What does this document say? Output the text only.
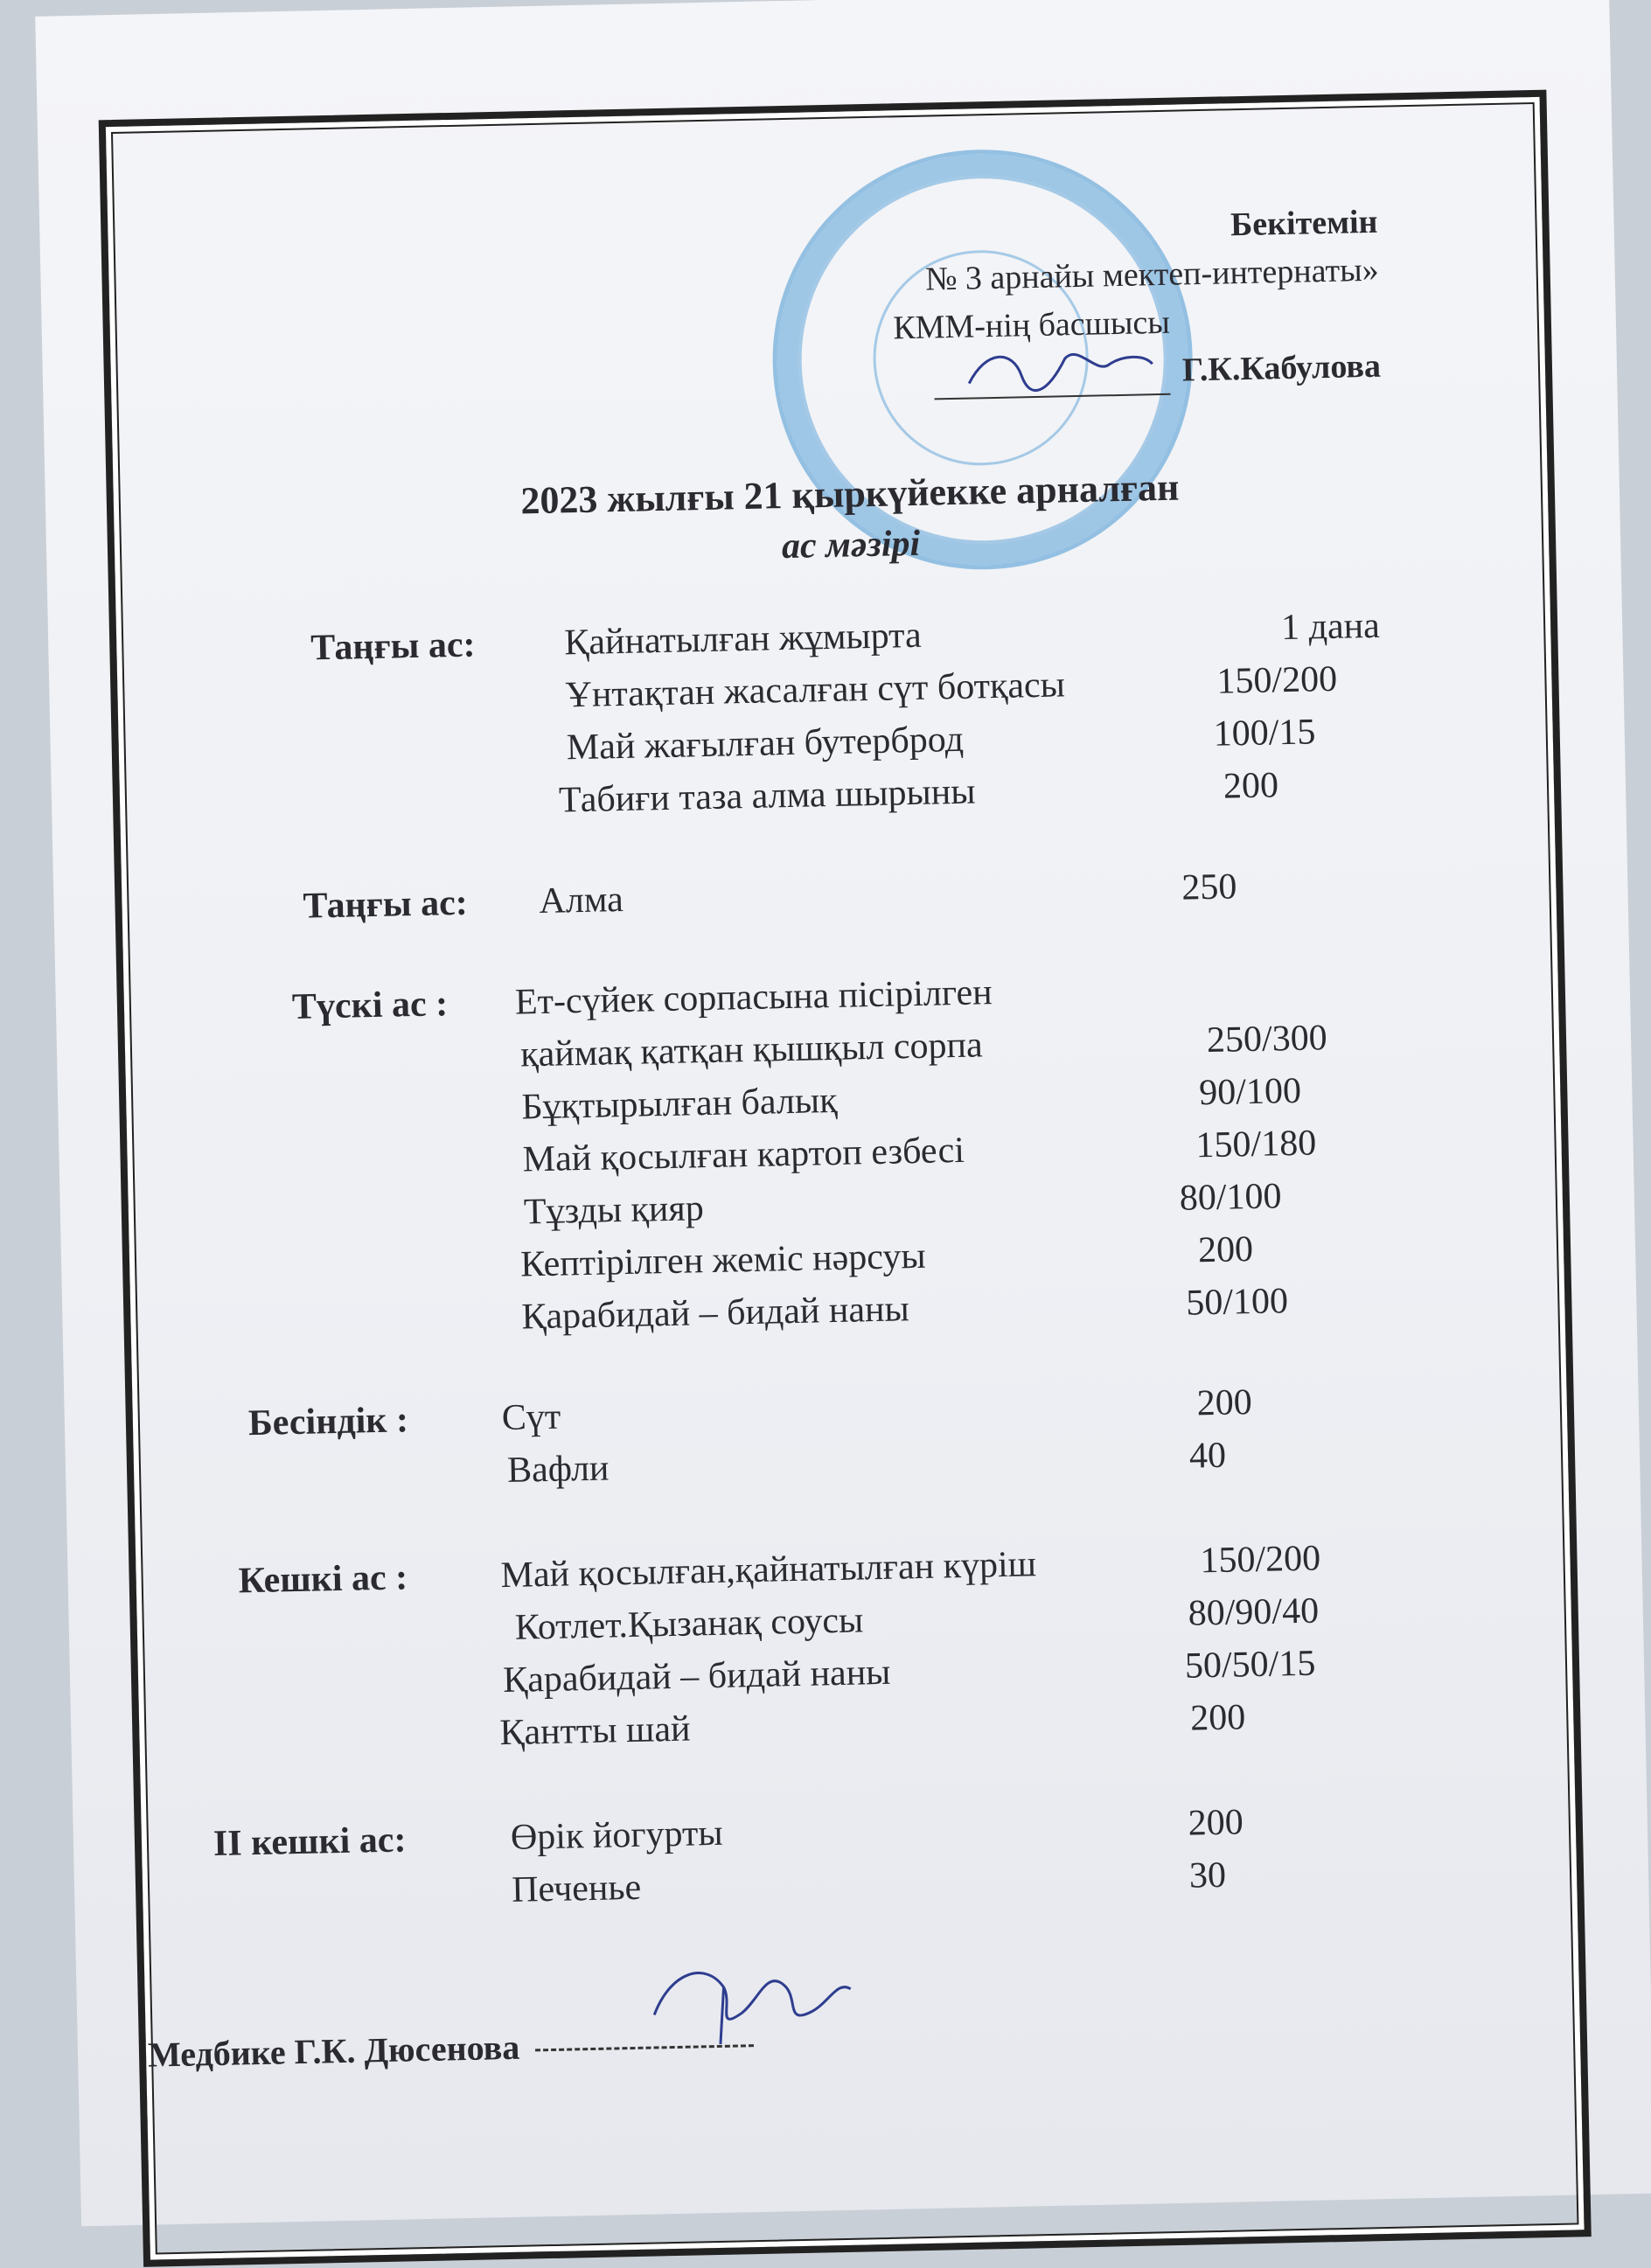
Бекітемін
№ 3 арнайы мектеп-интернаты»
КММ-нің басшысы
Г.К.Кабулова
2023 жылғы 21 қыркүйекке арналған
ас мәзірі
Таңғы ас: Қайнатылған жұмырта	1 дана
Ұнтақтан жасалған сүт ботқасы	150/200
Май жағылған бутерброд	100/15
Табиғи таза алма шырыны	200
Таңғы ас: Алма	250
Түскі ас : Ет-сүйек сорпасына пісірілген
қаймақ қатқан қышқыл сорпа	250/300
Бұқтырылған балық	90/100
Май қосылған картоп езбесі	150/180
Тұзды қияр	80/100
Кептірілген жеміс нәрсуы	200
Қарабидай – бидай наны	50/100
Бесіндік :	Сүт	200
Вафли	40
Кешкі ас :	Май қосылған,қайнатылған күріш	150/200
Котлет.Қызанақ соусы	80/90/40
Қарабидай – бидай наны	50/50/15
Қантты шай	200
II кешкі ас:	Өрік йогурты	200
Печенье	30
Медбике Г.К. Дюсенова
